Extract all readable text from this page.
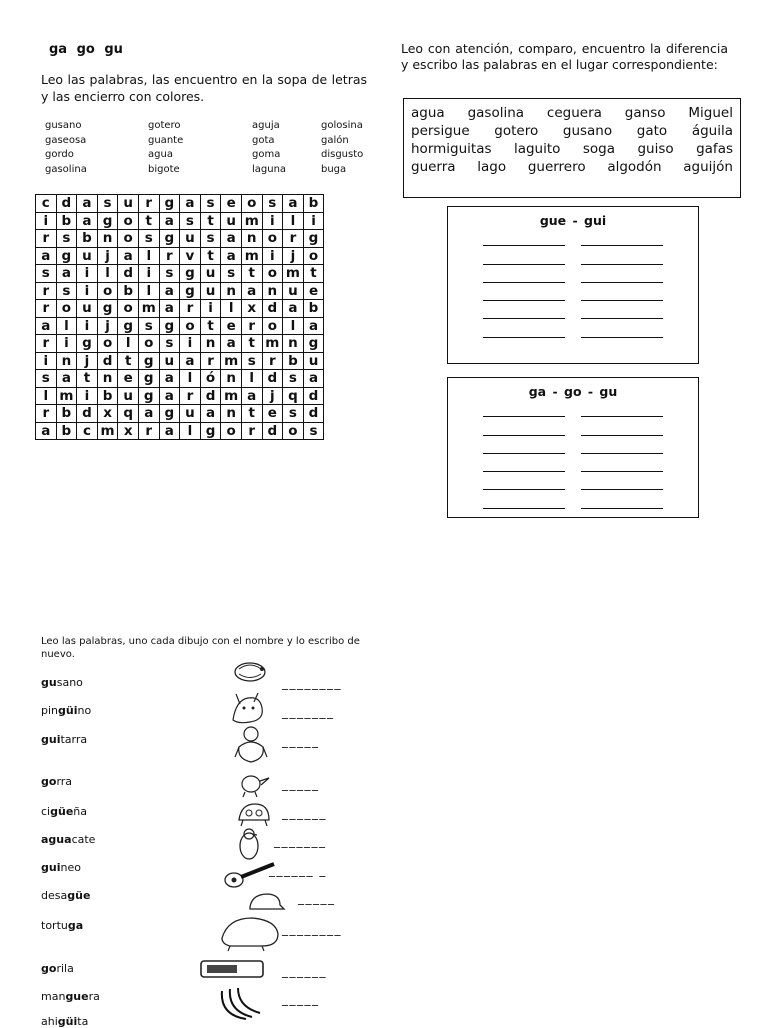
ga go gu
Leo las palabras, las encuentro en la sopa de letras y las encierro con colores.
gusano	gotero	aguja	golosina
gaseosa	guante	gota	galón
gordo	agua	goma	disgusto
gasolina	bigote	laguna	buga
c	d	a	s	u	r	g	a	s	e	o	s	a	b
i	b	a	g	o	t	a	s	t	u	m	i	l	i
r	s	b	n	o	s	g	u	s	a	n	o	r	g
a	g	u	j	a	l	r	v	t	a	m	i	j	o
s	a	i	l	d	i	s	g	u	s	t	o	m	t
r	s	i	o	b	l	a	g	u	n	a	n	u	e
r	o	u	g	o	m	a	r	i	l	x	d	a	b
a	l	i	j	g	s	g	o	t	e	r	o	l	a
r	i	g	o	l	o	s	i	n	a	t	m	n	g
i	n	j	d	t	g	u	a	r	m	s	r	b	u
s	a	t	n	e	g	a	l	ó	n	l	d	s	a
l	m	i	b	u	g	a	r	d	m	a	j	q	d
r	b	d	x	q	a	g	u	a	n	t	e	s	d
a	b	c	m	x	r	a	l	g	o	r	d	o	s
Leo con atención, comparo, encuentro la diferencia y escribo las palabras en el lugar correspondiente:
agua gasolina ceguera ganso Miguel
persigue gotero gusano gato águila
hormiguitas laguito soga guiso gafas
guerra lago guerrero algodón aguijón
gue - gui
ga - go - gu
Leo las palabras, uno cada dibujo con el nombre y lo escribo de nuevo.
gusano
pingüino
guitarra
gorra
cigüeña
aguacate
guineo
desagüe
tortuga
gorila
manguera
ahigüita
________
_______
_____
_____
______
_______
______ _
_____
________
______
_____
